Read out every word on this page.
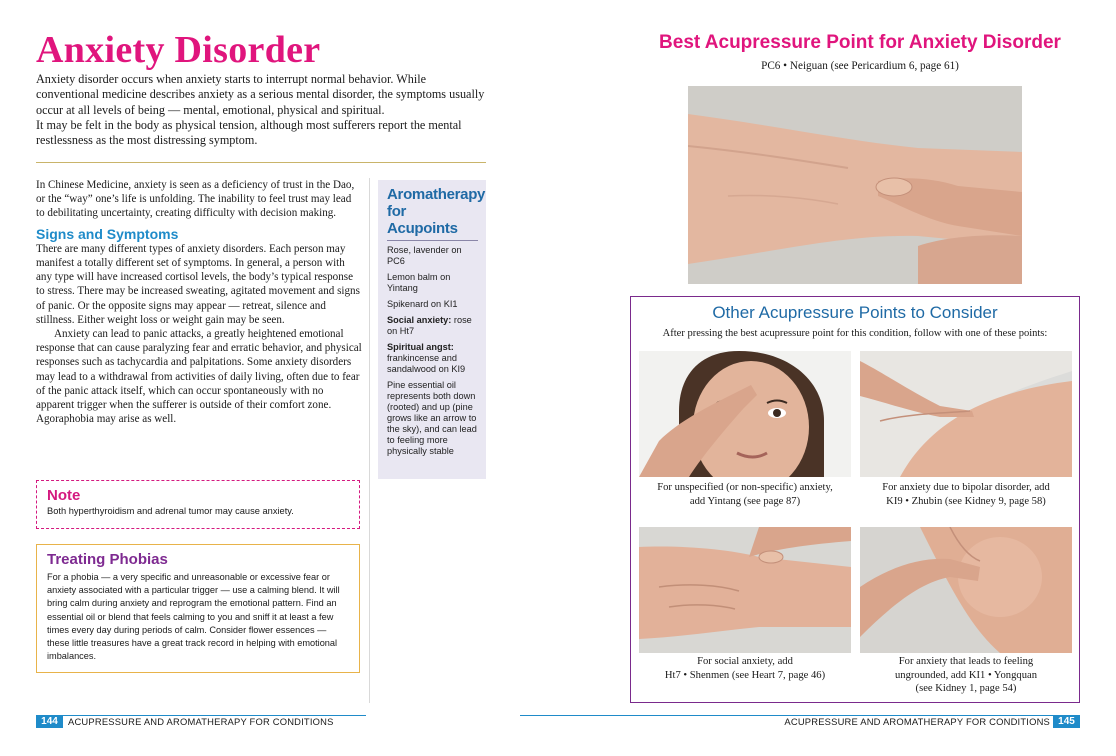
Anxiety Disorder

Anxiety disorder occurs when anxiety starts to interrupt normal behavior. While conventional medicine describes anxiety as a serious mental disorder, the symptoms usually occur at all levels of being — mental, emotional, physical and spiritual.

It may be felt in the body as physical tension, although most sufferers report the mental restlessness as the most distressing symptom.

In Chinese Medicine, anxiety is seen as a deficiency of trust in the Dao, or the “way” one’s life is unfolding. The inability to feel trust may lead to debilitating uncertainty, creating difficulty with decision making.

Signs and Symptoms

There are many different types of anxiety disorders. Each person may manifest a totally different set of symptoms. In general, a person with any type will have increased cortisol levels, the body’s typical response to stress. There may be increased sweating, agitated movement and signs of panic. Or the opposite signs may appear — retreat, silence and stillness. Either weight loss or weight gain may be seen.

Anxiety can lead to panic attacks, a greatly heightened emotional response that can cause paralyzing fear and erratic behavior, and physical responses such as tachycardia and palpitations. Some anxiety disorders may lead to a withdrawal from activities of daily living, often due to fear of the panic attack itself, which can occur spontaneously with no apparent trigger when the sufferer is outside of their comfort zone. Agoraphobia may arise as well.

Aromatherapy
for Acupoints
Rose, lavender on PC6
Lemon balm on Yintang
Spikenard on KI1
Social anxiety: rose on Ht7
Spiritual angst: frankincense and sandalwood on KI9
Pine essential oil represents both down (rooted) and up (pine grows like an arrow to the sky), and can lead to feeling more physically stable
Note
Both hyperthyroidism and adrenal tumor may cause anxiety.
Treating Phobias
For a phobia — a very specific and unreasonable or excessive fear or anxiety associated with a particular trigger — use a calming blend. It will bring calm during anxiety and reprogram the emotional pattern. Find an essential oil or blend that feels calming to you and sniff it at least a few times every day during periods of calm. Consider flower essences — these little treasures have a great track record in helping with emotional imbalances.
144	ACUPRESSURE AND AROMATHERAPY FOR CONDITIONS
Best Acupressure Point for Anxiety Disorder
PC6 • Neiguan (see Pericardium 6, page 61)
Other Acupressure Points to Consider
After pressing the best acupressure point for this condition, follow with one of these points:
For unspecified (or non-specific) anxiety,
add Yintang (see page 87)
For anxiety due to bipolar disorder, add
KI9 • Zhubin (see Kidney 9, page 58)
For social anxiety, add
Ht7 • Shenmen (see Heart 7, page 46)
For anxiety that leads to feeling
ungrounded, add KI1 • Yongquan
(see Kidney 1, page 54)
ACUPRESSURE AND AROMATHERAPY FOR CONDITIONS 145
